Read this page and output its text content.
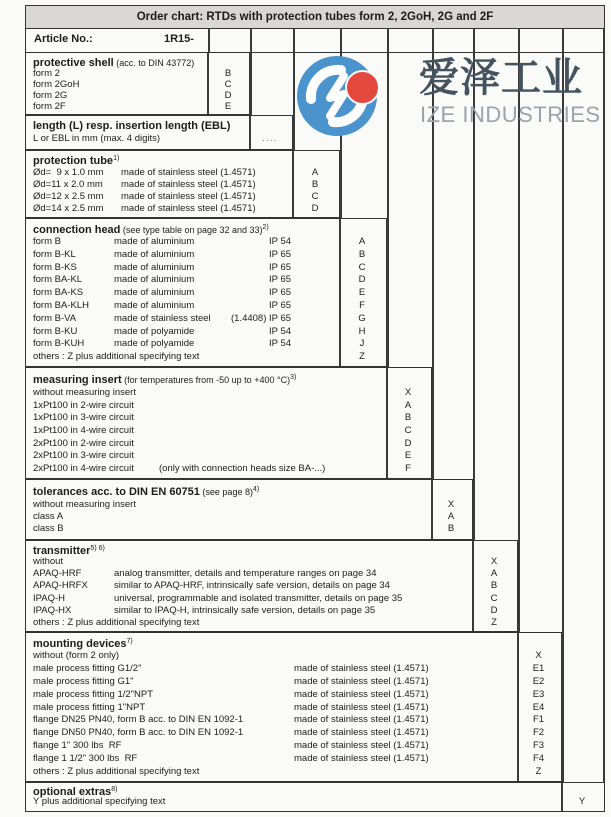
Order chart: RTDs with protection tubes form 2, 2GoH, 2G and 2F
Article No.:	1R15-
protective shell (acc. to DIN 43772)
form 2	B
form 2GoH	C
form 2G	D
form 2F	E
length (L) resp. insertion length (EBL)
L or EBL in mm (max. 4 digits)	....
protection tube$^{1)}$
Ød=  9 x 1.0 mm made of stainless steel (1.4571)	A
Ød=11 x 2.0 mm made of stainless steel (1.4571)	B
Ød=12 x 2.5 mm made of stainless steel (1.4571)	C
Ød=14 x 2.5 mm made of stainless steel (1.4571)	D
connection head (see type table on page 32 and 33)$^{2)}$
form B	made of aluminium	IP 54	A
form B-KL	made of aluminium	IP 65	B
form B-KS	made of aluminium	IP 65	C
form BA-KL	made of aluminium	IP 65	D
form BA-KS	made of aluminium	IP 65	E
form BA-KLH	made of aluminium	IP 65	F
form B-VA	made of stainless steel (1.4408) IP 65	G
form B-KU	made of polyamide	IP 54	H
form B-KUH	made of polyamide	IP 54	J
others : Z plus additional specifying text	Z
measuring insert (for temperatures from -50 up to +400 °C)$^{3)}$
without measuring insert	X
1xPt100 in 2-wire circuit	A
1xPt100 in 3-wire circuit	B
1xPt100 in 4-wire circuit	C
2xPt100 in 2-wire circuit	D
2xPt100 in 3-wire circuit	E
2xPt100 in 4-wire circuit	(only with connection heads size BA-...)	F
tolerances acc. to DIN EN 60751 (see page 8)$^{4)}$
without measuring insert	X
class A	A
class B	B
transmitter$^{5) 6)}$
without	X
APAQ-HRF	analog transmitter, details and temperature ranges on page 34	A
APAQ-HRFX	similar to APAQ-HRF, intrinsically safe version, details on page 34	B
IPAQ-H	universal, programmable and isolated transmitter, details on page 35	C
IPAQ-HX	similar to IPAQ-H, intrinsically safe version, details on page 35	D
others : Z plus additional specifying text	Z
mounting devices$^{7)}$
without (form 2 only)	X
male process fitting G1/2"	made of stainless steel (1.4571)	E1
male process fitting G1"	made of stainless steel (1.4571)	E2
male process fitting 1/2"NPT	made of stainless steel (1.4571)	E3
male process fitting 1"NPT	made of stainless steel (1.4571)	E4
flange DN25 PN40, form B acc. to DIN EN 1092-1	made of stainless steel (1.4571)	F1
flange DN50 PN40, form B acc. to DIN EN 1092-1	made of stainless steel (1.4571)	F2
flange 1" 300 lbs  RF	made of stainless steel (1.4571)	F3
flange 1 1/2" 300 lbs  RF	made of stainless steel (1.4571)	F4
others : Z plus additional specifying text	Z
optional extras$^{8)}$
Y plus additional specifying text	Y
爱泽工业
IZE INDUSTRIES
